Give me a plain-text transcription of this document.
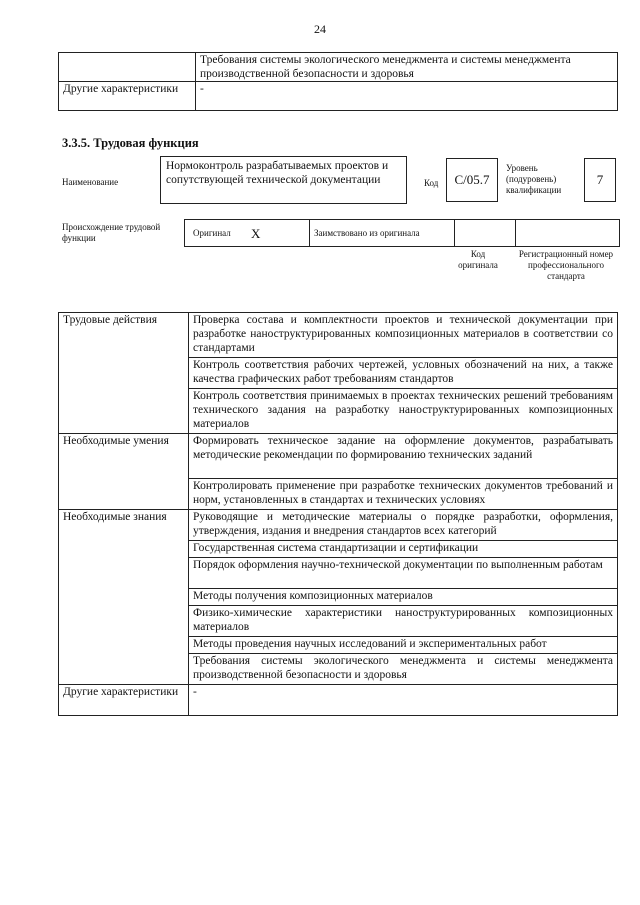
24
	Требования системы экологического менеджмента и системы менеджмента производственной безопасности и здоровья
Другие характеристики	-
3.3.5. Трудовая функция
Наименование
Нормоконтроль разрабатываемых проектов и сопутствующей технической документации	Код C/05.7
Уровень (подуровень) квалификации
7
Происхождение трудовой функции
Оригинал	X	Заимствовано из оригинала		
Код оригинала
Регистрационный номер профессионального стандарта
Трудовые действия	Проверка состава и комплектности проектов и технической документации при разработке наноструктурированных композиционных материалов в соответствии со стандартами
	Контроль соответствия рабочих чертежей, условных обозначений на них, а также качества графических работ требованиям стандартов
	Контроль соответствия принимаемых в проектах технических решений требованиям технического задания на разработку наноструктурированных композиционных материалов
Необходимые умения	Формировать техническое задание на оформление документов, разрабатывать методические рекомендации по формированию технических заданий
	Контролировать применение при разработке технических документов требований и норм, установленных в стандартах и технических условиях
Необходимые знания	Руководящие и методические материалы о порядке разработки, оформления, утверждения, издания и внедрения стандартов всех категорий
	Государственная система стандартизации и сертификации
	Порядок оформления научно-технической документации по выполненным работам
	Методы получения композиционных материалов
	Физико-химические характеристики наноструктурированных композиционных материалов
	Методы проведения научных исследований и экспериментальных работ
	Требования системы экологического менеджмента и системы менеджмента производственной безопасности и здоровья
Другие характеристики	-
